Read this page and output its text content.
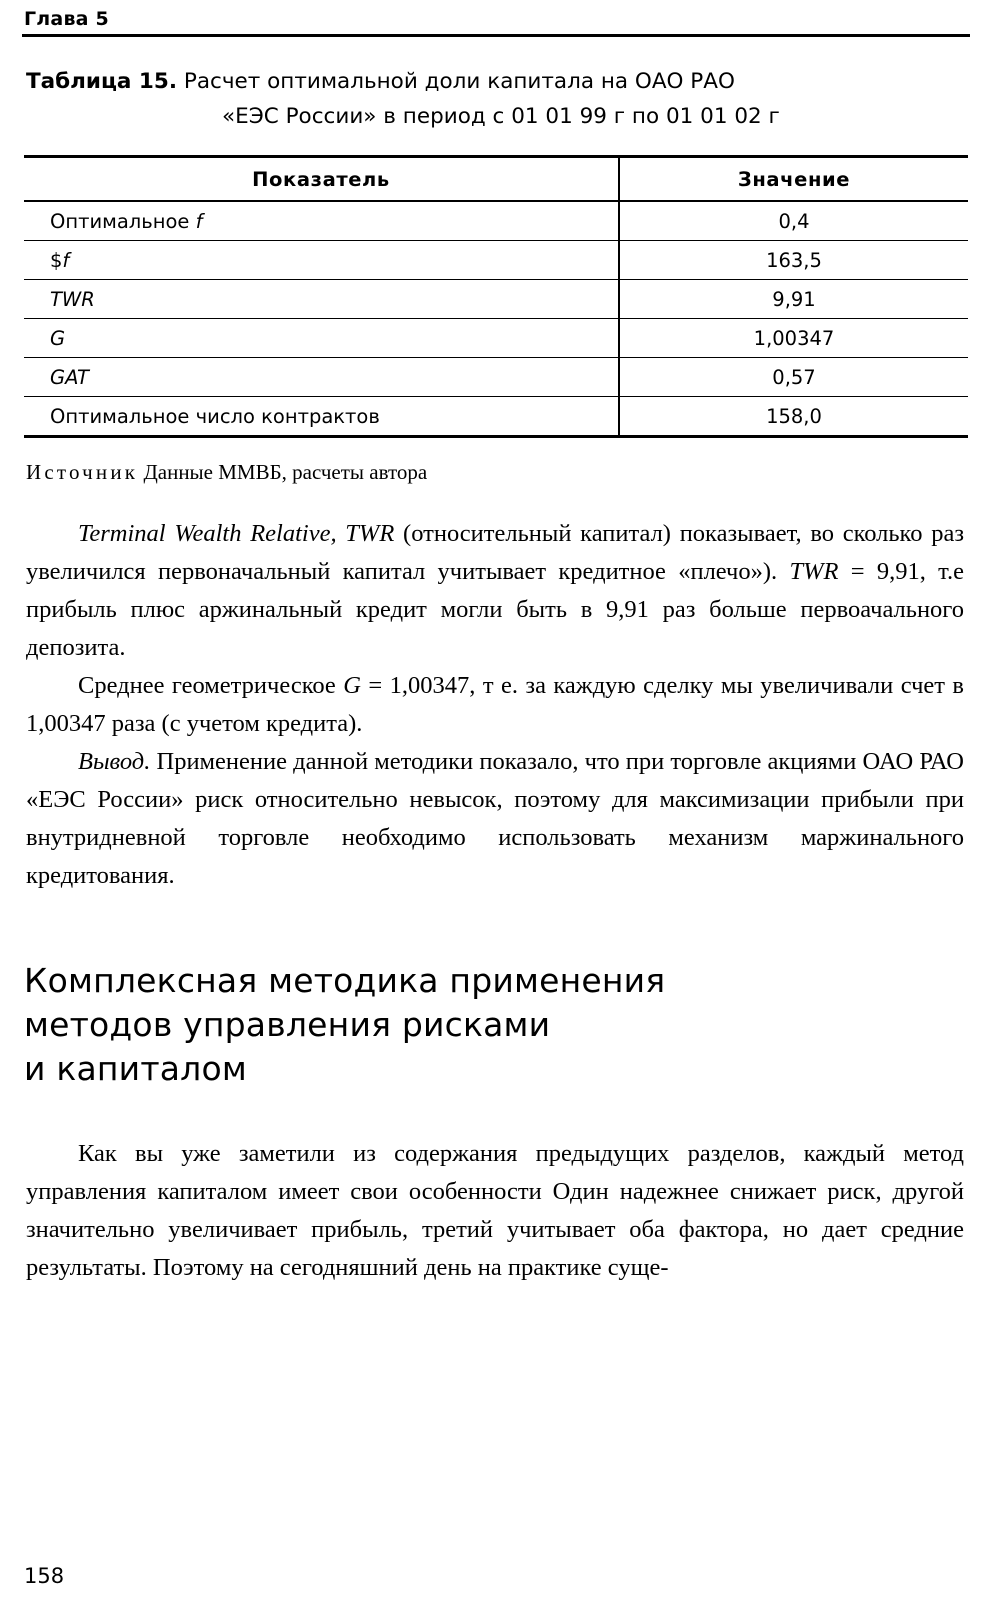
Глава 5
Таблица 15. Расчет оптимальной доли капитала на ОАО РАО
«ЕЭС России» в период с 01 01 99 г по 01 01 02 г
Показатель	Значение
Оптимальное f	0,4
$f	163,5
TWR	9,91
G	1,00347
GAT	0,57
Оптимальное число контрактов	158,0
Источник Данные ММВБ, расчеты автора

Terminal Wealth Relative, TWR (относительный капитал) показывает, во сколько раз увеличился первоначальный капитал учитывает кредитное «плечо»). TWR = 9,91, т.е прибыль плюс аржинальный кредит могли быть в 9,91 раз больше первоачального депозита.

Среднее геометрическое G = 1,00347, т е. за каждую сделку мы увеличивали счет в 1,00347 раза (с учетом кредита).

Вывод. Применение данной методики показало, что при торговле акциями ОАО РАО «ЕЭС России» риск относительно невысок, поэтому для максимизации прибыли при внутридневной торговле необходимо использовать механизм маржинального кредитования.

Комплексная методика применения
методов управления рисками
и капиталом

Как вы уже заметили из содержания предыдущих разделов, каждый метод управления капиталом имеет свои особенности Один надежнее снижает риск, другой значительно увеличивает прибыль, третий учитывает оба фактора, но дает средние результаты. Поэтому на сегодняшний день на практике суще-

158
